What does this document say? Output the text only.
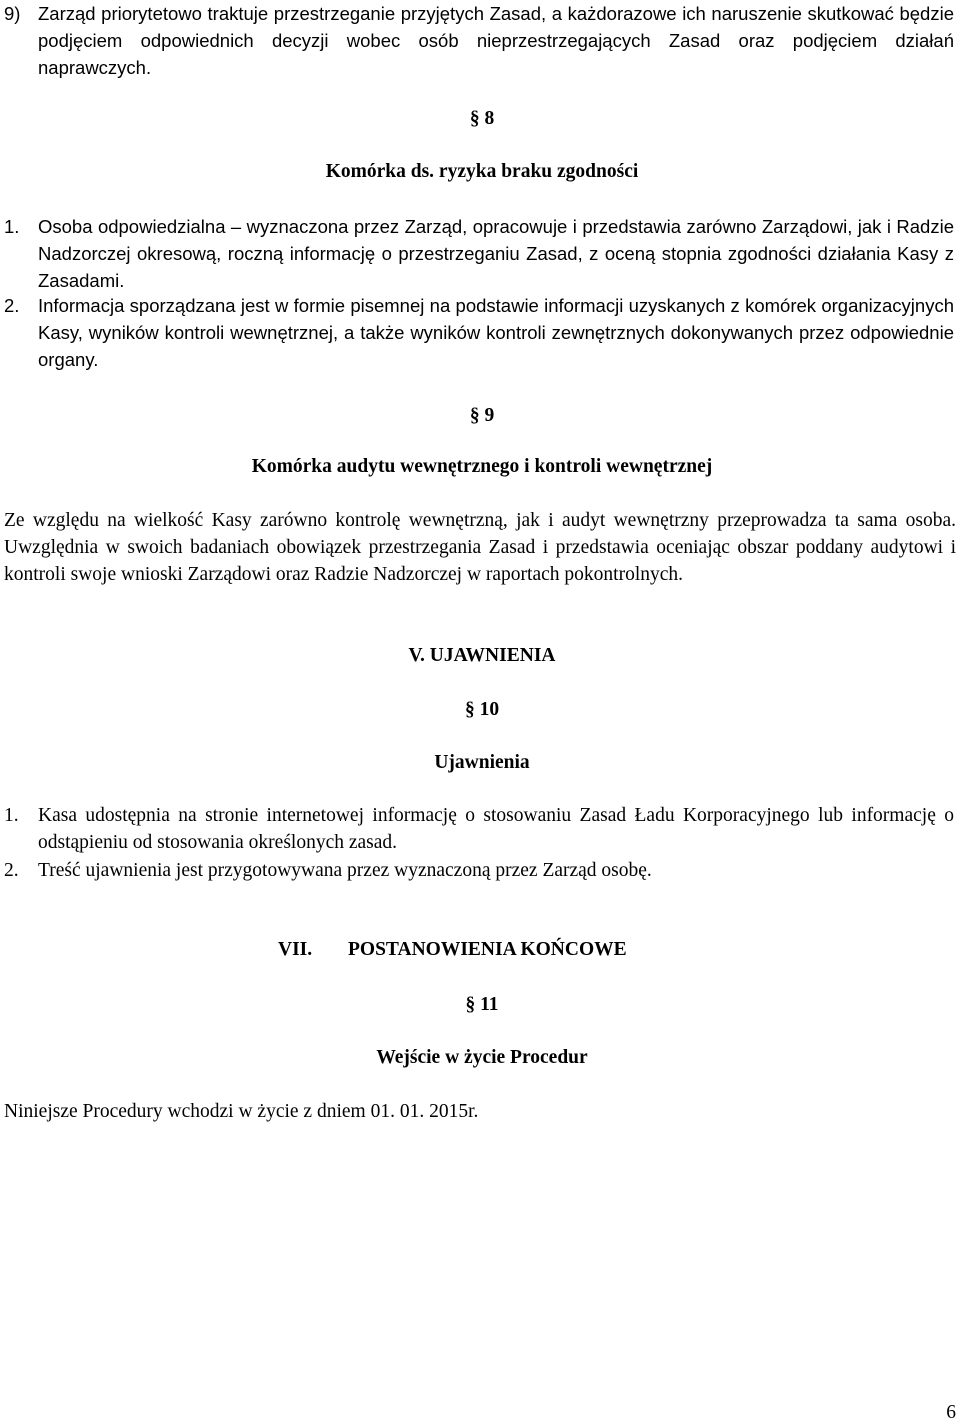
9) Zarząd priorytetowo traktuje przestrzeganie przyjętych Zasad, a każdorazowe ich naruszenie skutkować będzie podjęciem odpowiednich decyzji wobec osób nieprzestrzegających Zasad oraz podjęciem działań naprawczych.
§ 8
Komórka ds. ryzyka braku zgodności
1. Osoba odpowiedzialna – wyznaczona przez Zarząd, opracowuje i przedstawia zarówno Zarządowi, jak i Radzie Nadzorczej okresową, roczną informację o przestrzeganiu Zasad, z oceną stopnia zgodności działania Kasy z Zasadami.
2. Informacja sporządzana jest w formie pisemnej na podstawie informacji uzyskanych z komórek organizacyjnych Kasy, wyników kontroli wewnętrznej, a także wyników kontroli zewnętrznych dokonywanych przez odpowiednie organy.
§ 9
Komórka audytu wewnętrznego i kontroli wewnętrznej
Ze względu na wielkość Kasy zarówno kontrolę wewnętrzną, jak i audyt wewnętrzny przeprowadza ta sama osoba. Uwzględnia w swoich badaniach obowiązek przestrzegania Zasad i przedstawia oceniając obszar poddany audytowi i kontroli swoje wnioski Zarządowi oraz Radzie Nadzorczej w raportach pokontrolnych.
V. UJAWNIENIA
§ 10
Ujawnienia
1. Kasa udostępnia na stronie internetowej informację o stosowaniu Zasad Ładu Korporacyjnego lub informację o odstąpieniu od stosowania określonych zasad.
2. Treść ujawnienia jest przygotowywana przez wyznaczoną przez Zarząd osobę.
VII. POSTANOWIENIA KOŃCOWE
§ 11
Wejście w życie Procedur
Niniejsze Procedury wchodzi w życie z dniem 01. 01. 2015r.
6
